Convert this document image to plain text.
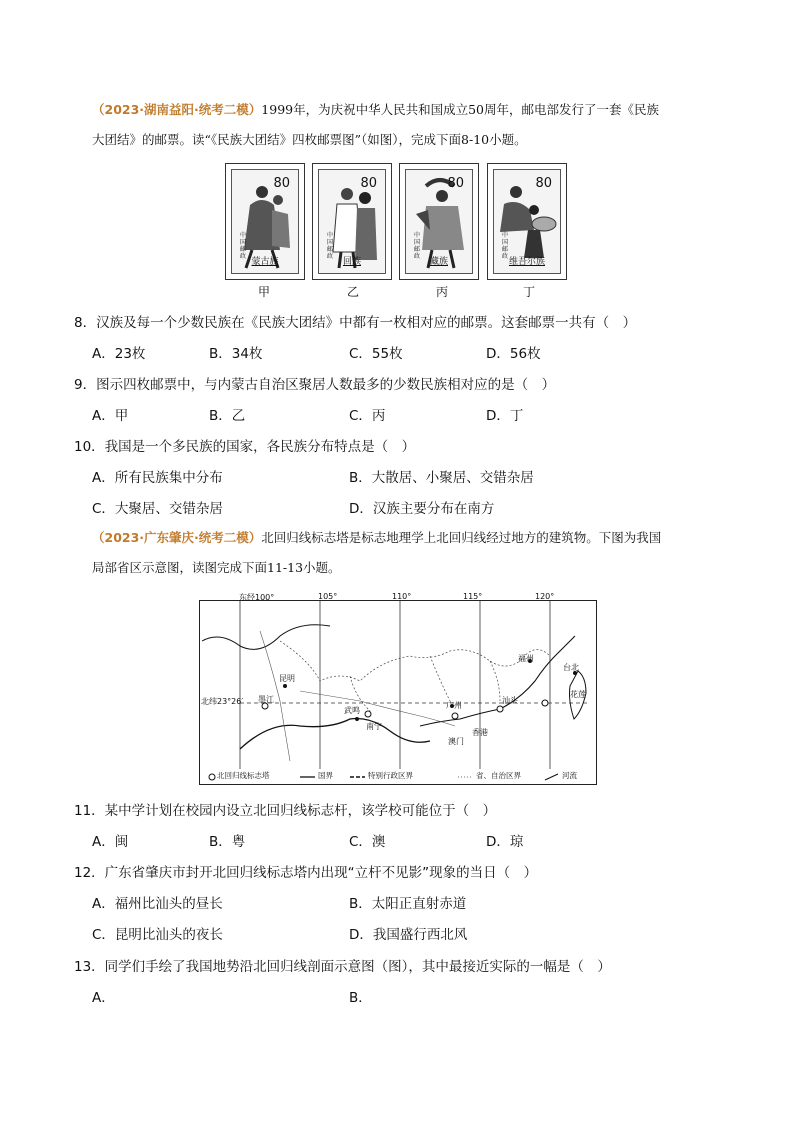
（2023·湖南益阳·统考二模）1999年，为庆祝中华人民共和国成立50周年，邮电部发行了一套《民族
大团结》的邮票。读“《民族大团结》四枚邮票图”（如图），完成下面8-10小题。
80
中国邮政
蒙古族
80
中国邮政
回族
80
中国邮政
藏族
80
中国邮政
维吾尔族
甲	乙	丙	丁
8．汉族及每一个少数民族在《民族大团结》中都有一枚相对应的邮票。这套邮票一共有（　）
A．23枚	B．34枚	C．55枚	D．56枚
9．图示四枚邮票中，与内蒙古自治区聚居人数最多的少数民族相对应的是（　）
A．甲	B．乙	C．丙	D．丁
10．我国是一个多民族的国家，各民族分布特点是（　）
A．所有民族集中分布	B．大散居、小聚居、交错杂居
C．大聚居、交错杂居	D．汉族主要分布在南方
（2023·广东肇庆·统考二模）北回归线标志塔是标志地理学上北回归线经过地方的建筑物。下图为我国
局部省区示意图，读图完成下面11-13小题。
东经100°	105°	110°	115°	120°
北纬23°26′
昆明
墨江
武鸣
南宁
广州
汕头
香港
澳门
福州
台北
花莲
北回归线标志塔	国界	特别行政区界	省、自治区界	河流
11．某中学计划在校园内设立北回归线标志杆，该学校可能位于（　）
A．闽	B．粤	C．澳	D．琼
12．广东省肇庆市封开北回归线标志塔内出现“立杆不见影”现象的当日（　）
A．福州比汕头的昼长	B．太阳正直射赤道
C．昆明比汕头的夜长	D．我国盛行西北风
13．同学们手绘了我国地势沿北回归线剖面示意图（图），其中最接近实际的一幅是（　）
A．	B．
